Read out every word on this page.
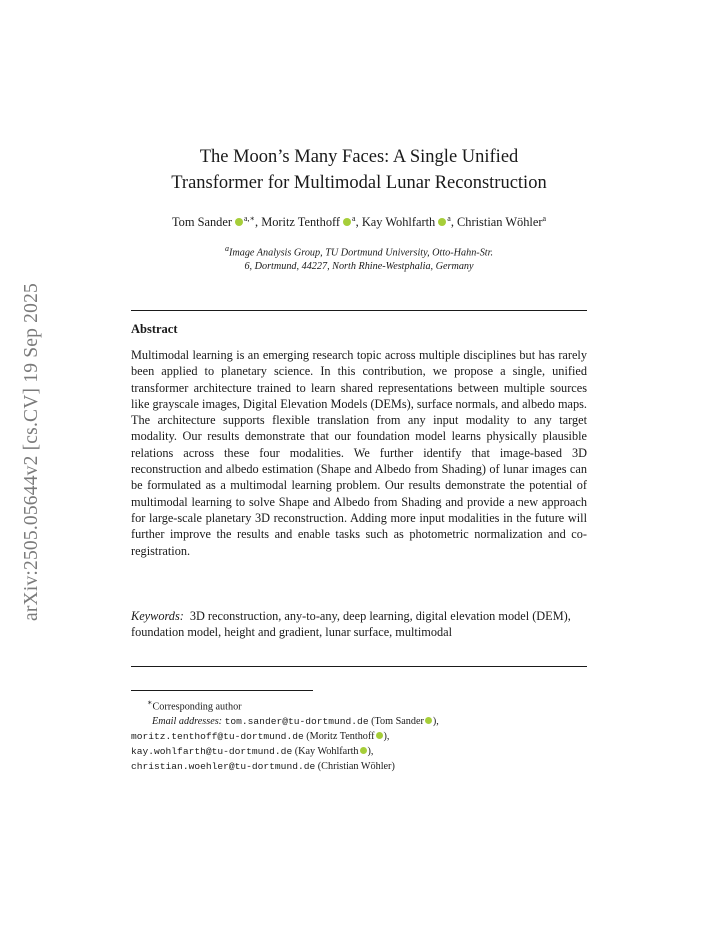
arXiv:2505.05644v2 [cs.CV] 19 Sep 2025
The Moon’s Many Faces: A Single Unified
Transformer for Multimodal Lunar Reconstruction
Tom Sander $^{a,∗}$, Moritz Tenthoff $^a$, Kay Wohlfarth $^a$, Christian Wöhler$^a$
$^a$Image Analysis Group, TU Dortmund University, Otto-Hahn-Str.
6, Dortmund, 44227, North Rhine-Westphalia, Germany
Abstract
Multimodal learning is an emerging research topic across multiple disciplines but has rarely been applied to planetary science. In this contribution, we propose a single, unified transformer architecture trained to learn shared representations between multiple sources like grayscale images, Digital Elevation Models (DEMs), surface normals, and albedo maps. The architecture supports flexible translation from any input modality to any target modality. Our results demonstrate that our foundation model learns physically plausible relations across these four modalities. We further identify that image-based 3D reconstruction and albedo estimation (Shape and Albedo from Shading) of lunar images can be formulated as a multimodal learning problem. Our results demonstrate the potential of multimodal learning to solve Shape and Albedo from Shading and provide a new approach for large-scale planetary 3D reconstruction. Adding more input modalities in the future will further improve the results and enable tasks such as photometric normalization and co-registration.
Keywords: 3D reconstruction, any-to-any, deep learning, digital elevation model (DEM), foundation model, height and gradient, lunar surface, multimodal
∗Corresponding author
Email addresses: tom.sander@tu-dortmund.de (Tom Sander ),
moritz.tenthoff@tu-dortmund.de (Moritz Tenthoff ),
kay.wohlfarth@tu-dortmund.de (Kay Wohlfarth ),
christian.woehler@tu-dortmund.de (Christian Wöhler)
